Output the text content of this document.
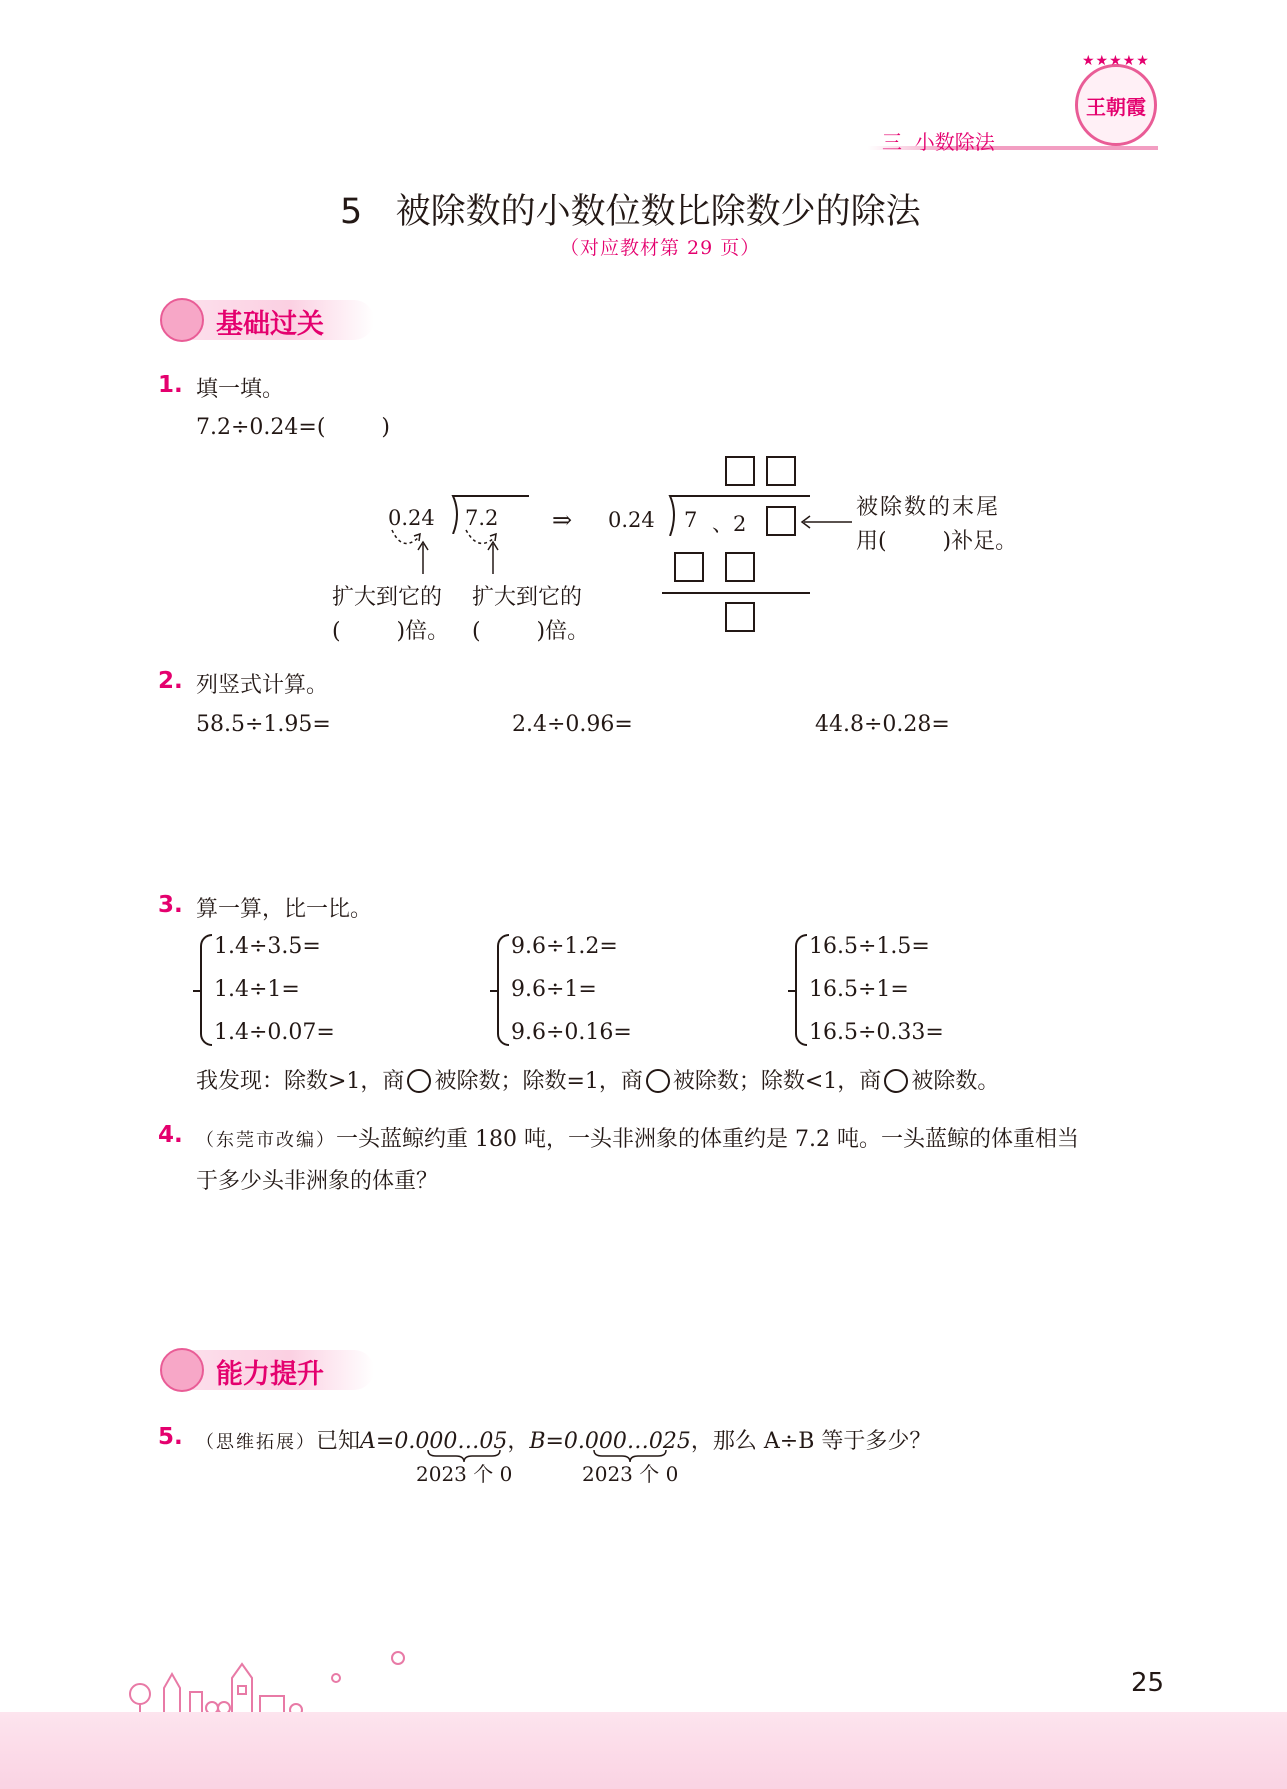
三  小数除法
★★★★★
王朝霞
5   被除数的小数位数比除数少的除法
（对应教材第 29 页）
基础过关
1. 填一填。
7.2÷0.24=(        )
0.24 7.2
扩大到它的
(        )倍。
扩大到它的
(        )倍。
⇒ 0.24 7 、2
被除数的末尾
用(        )补足。
2. 列竖式计算。
58.5÷1.95=	2.4÷0.96=	44.8÷0.28=
3. 算一算，比一比。
1.4÷3.5=
1.4÷1=
1.4÷0.07=
9.6÷1.2=
9.6÷1=
9.6÷0.16=
16.5÷1.5=
16.5÷1=
16.5÷0.33=
我发现：除数>1，商 被除数；除数=1，商 被除数；除数<1，商 被除数。
4. （东莞市改编）一头蓝鲸约重 180 吨，一头非洲象的体重约是 7.2 吨。一头蓝鲸的体重相当
于多少头非洲象的体重？
能力提升
5. （思维拓展）已知A=0.000…05，B=0.000…025，那么 A÷B 等于多少？
2023 个 0	2023 个 0
25
